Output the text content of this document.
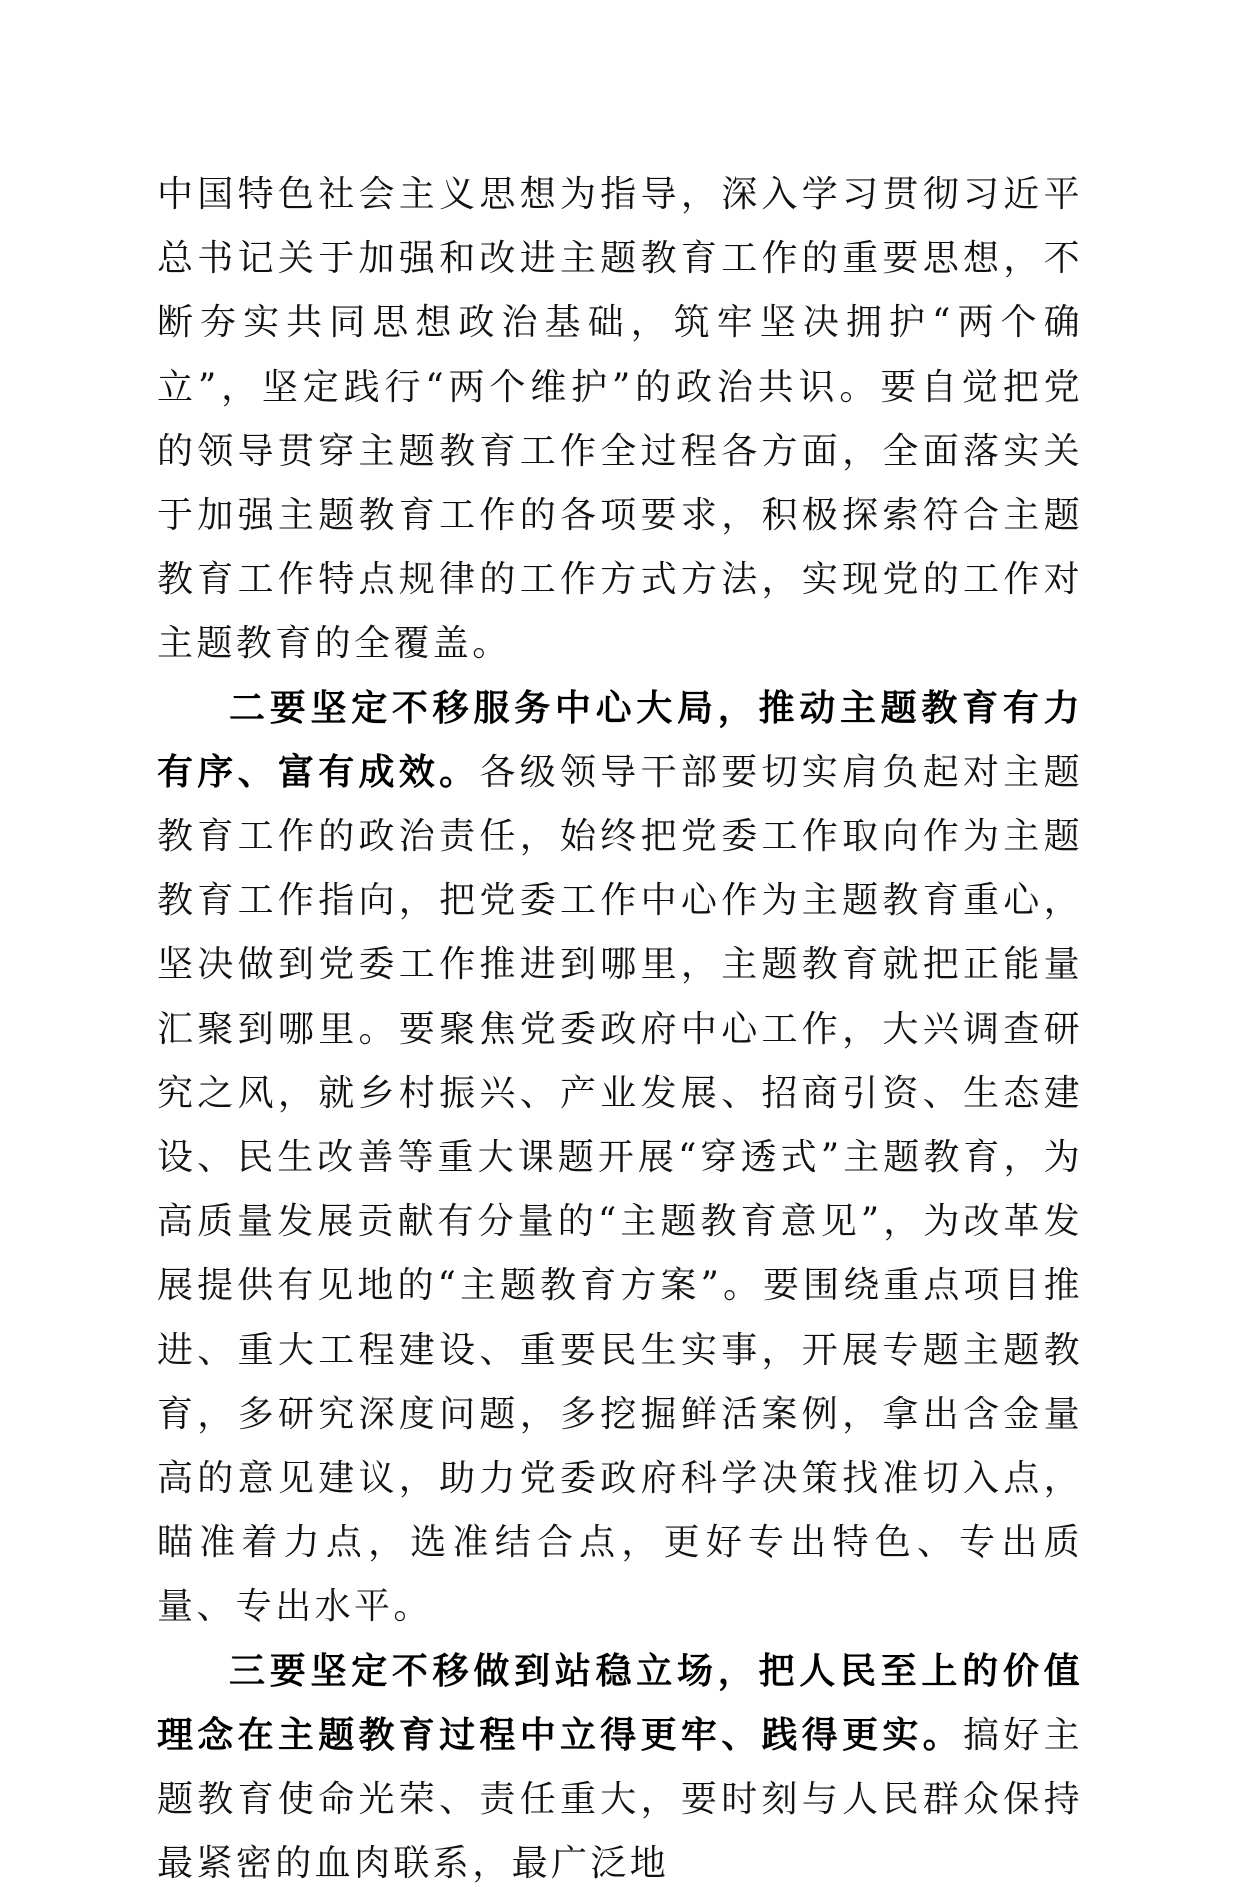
中国特色社会主义思想为指导，深入学习贯彻习近平总书记关于加强和改进主题教育工作的重要思想，不断夯实共同思想政治基础，筑牢坚决拥护“两个确立”，坚定践行“两个维护”的政治共识。要自觉把党的领导贯穿主题教育工作全过程各方面，全面落实关于加强主题教育工作的各项要求，积极探索符合主题教育工作特点规律的工作方式方法，实现党的工作对主题教育的全覆盖。

二要坚定不移服务中心大局，推动主题教育有力有序、富有成效。各级领导干部要切实肩负起对主题教育工作的政治责任，始终把党委工作取向作为主题教育工作指向，把党委工作中心作为主题教育重心，坚决做到党委工作推进到哪里，主题教育就把正能量汇聚到哪里。要聚焦党委政府中心工作，大兴调查研究之风，就乡村振兴、产业发展、招商引资、生态建设、民生改善等重大课题开展“穿透式”主题教育，为高质量发展贡献有分量的“主题教育意见”，为改革发展提供有见地的“主题教育方案”。要围绕重点项目推进、重大工程建设、重要民生实事，开展专题主题教育，多研究深度问题，多挖掘鲜活案例，拿出含金量高的意见建议，助力党委政府科学决策找准切入点，瞄准着力点，选准结合点，更好专出特色、专出质量、专出水平。

三要坚定不移做到站稳立场，把人民至上的价值理念在主题教育过程中立得更牢、践得更实。搞好主题教育使命光荣、责任重大，要时刻与人民群众保持最紧密的血肉联系，最广泛地
